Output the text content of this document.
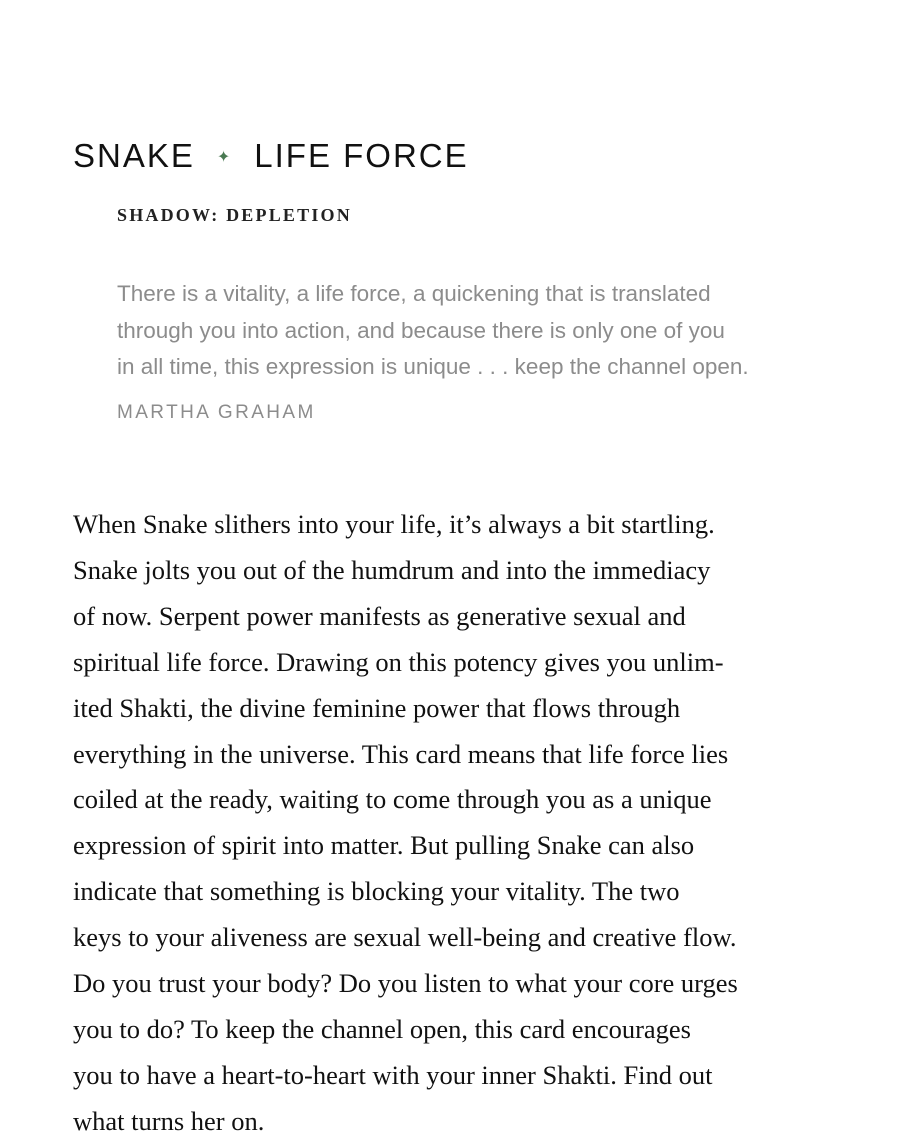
SNAKE ✦ LIFE FORCE
SHADOW: DEPLETION
There is a vitality, a life force, a quickening that is translated
through you into action, and because there is only one of you
in all time, this expression is unique . . . keep the channel open.
MARTHA GRAHAM
When Snake slithers into your life, it’s always a bit startling.
Snake jolts you out of the humdrum and into the immediacy
of now. Serpent power manifests as generative sexual and
spiritual life force. Drawing on this potency gives you unlim-
ited Shakti, the divine feminine power that flows through
everything in the universe. This card means that life force lies
coiled at the ready, waiting to come through you as a unique
expression of spirit into matter. But pulling Snake can also
indicate that something is blocking your vitality. The two
keys to your aliveness are sexual well-being and creative flow.
Do you trust your body? Do you listen to what your core urges
you to do? To keep the channel open, this card encourages
you to have a heart-to-heart with your inner Shakti. Find out
what turns her on.
